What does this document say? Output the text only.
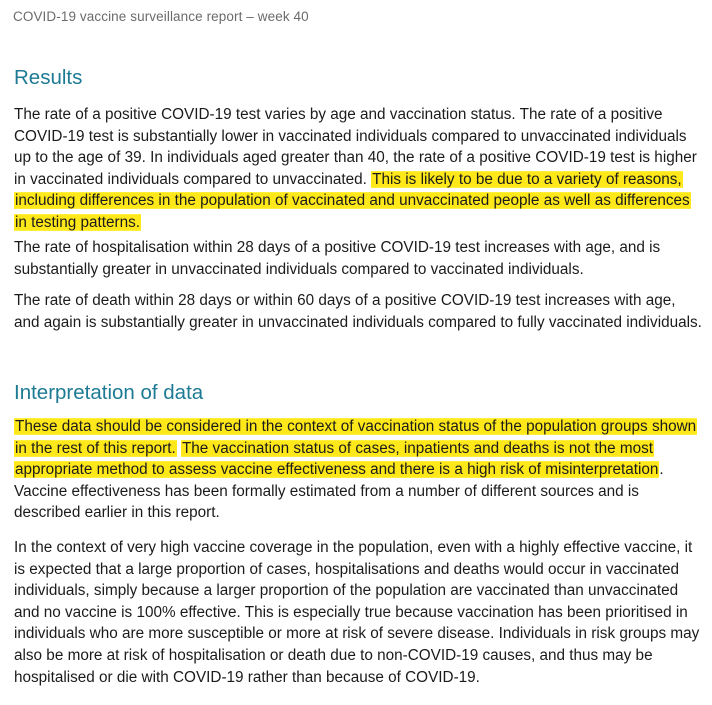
COVID-19 vaccine surveillance report – week 40
Results

The rate of a positive COVID-19 test varies by age and vaccination status. The rate of a positive COVID-19 test is substantially lower in vaccinated individuals compared to unvaccinated individuals up to the age of 39. In individuals aged greater than 40, the rate of a positive COVID-19 test is higher in vaccinated individuals compared to unvaccinated. This is likely to be due to a variety of reasons, including differences in the population of vaccinated and unvaccinated people as well as differences in testing patterns.

The rate of hospitalisation within 28 days of a positive COVID-19 test increases with age, and is substantially greater in unvaccinated individuals compared to vaccinated individuals.

The rate of death within 28 days or within 60 days of a positive COVID-19 test increases with age, and again is substantially greater in unvaccinated individuals compared to fully vaccinated individuals.

Interpretation of data

These data should be considered in the context of vaccination status of the population groups shown in the rest of this report. The vaccination status of cases, inpatients and deaths is not the most appropriate method to assess vaccine effectiveness and there is a high risk of misinterpretation. Vaccine effectiveness has been formally estimated from a number of different sources and is described earlier in this report.

In the context of very high vaccine coverage in the population, even with a highly effective vaccine, it is expected that a large proportion of cases, hospitalisations and deaths would occur in vaccinated individuals, simply because a larger proportion of the population are vaccinated than unvaccinated and no vaccine is 100% effective. This is especially true because vaccination has been prioritised in individuals who are more susceptible or more at risk of severe disease. Individuals in risk groups may also be more at risk of hospitalisation or death due to non-COVID-19 causes, and thus may be hospitalised or die with COVID-19 rather than because of COVID-19.
